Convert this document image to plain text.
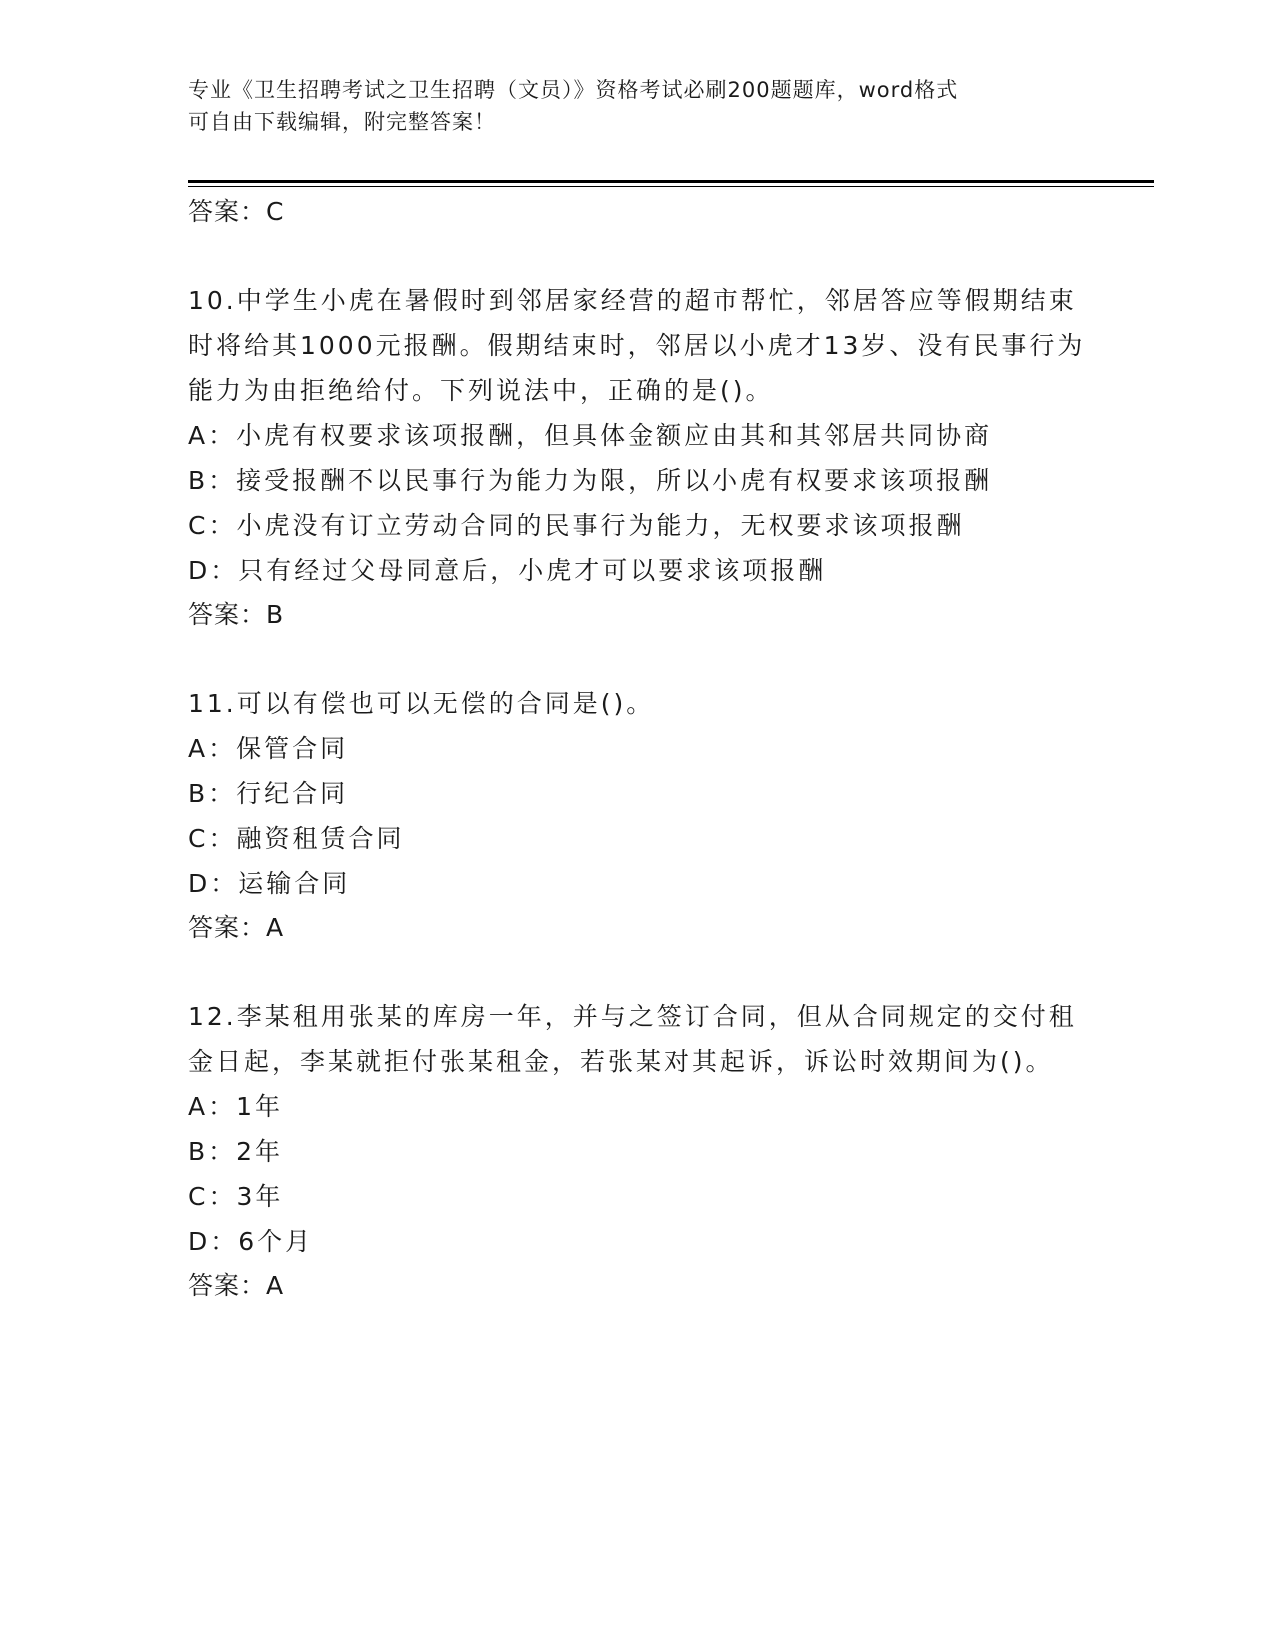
专业《卫生招聘考试之卫生招聘（文员）》资格考试必刷200题题库，word格式
可自由下载编辑，附完整答案！
答案：C
10.中学生小虎在暑假时到邻居家经营的超市帮忙，邻居答应等假期结束时将给其1000元报酬。假期结束时，邻居以小虎才13岁、没有民事行为能力为由拒绝给付。下列说法中，正确的是()。
A：小虎有权要求该项报酬，但具体金额应由其和其邻居共同协商
B：接受报酬不以民事行为能力为限，所以小虎有权要求该项报酬
C：小虎没有订立劳动合同的民事行为能力，无权要求该项报酬
D：只有经过父母同意后，小虎才可以要求该项报酬
答案：B
11.可以有偿也可以无偿的合同是()。
A：保管合同
B：行纪合同
C：融资租赁合同
D：运输合同
答案：A
12.李某租用张某的库房一年，并与之签订合同，但从合同规定的交付租金日起，李某就拒付张某租金，若张某对其起诉，诉讼时效期间为()。
A：1年
B：2年
C：3年
D：6个月
答案：A
